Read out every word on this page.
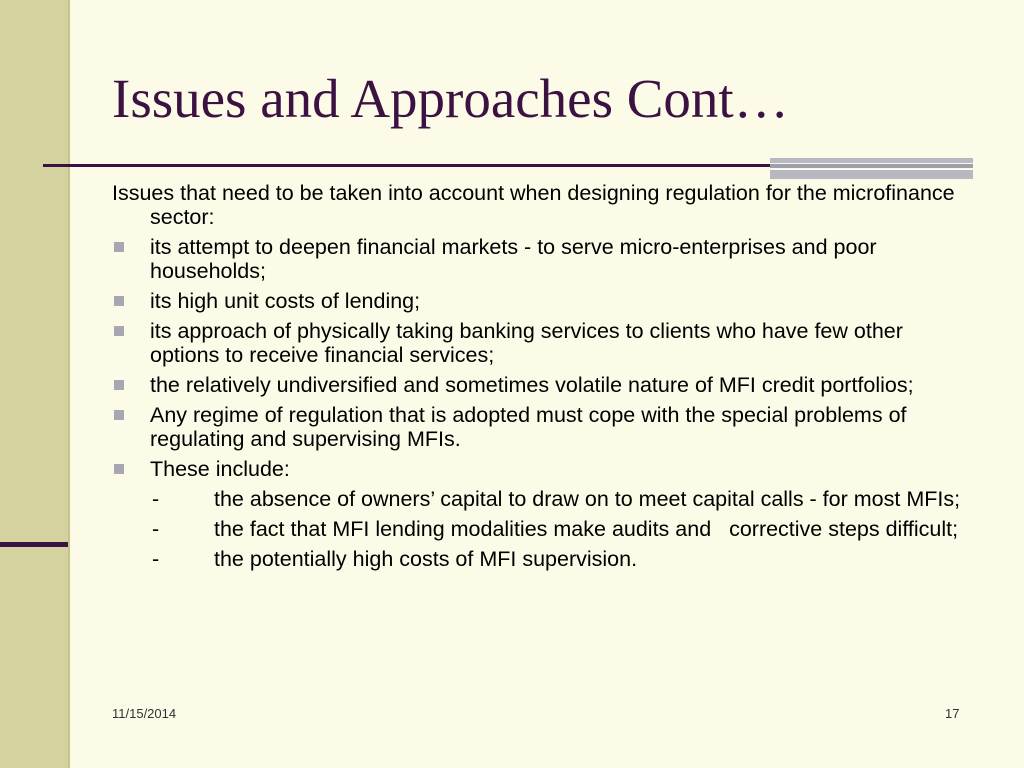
Issues and Approaches Cont…
Issues that need to be taken into account when designing regulation for the microfinance sector:
its attempt to deepen financial markets - to serve micro-enterprises and poor households;
its high unit costs of lending;
its approach of physically taking banking services to clients who have few other options to receive financial services;
the relatively undiversified and sometimes volatile nature of MFI credit portfolios;
Any regime of regulation that is adopted must cope with the special problems of regulating and supervising MFIs.
These include:
-	the absence of owners’ capital to draw on to meet capital calls - for most MFIs;
-	the fact that MFI lending modalities make audits and   corrective steps difficult;
-	the potentially high costs of MFI supervision.
11/15/2014	17
